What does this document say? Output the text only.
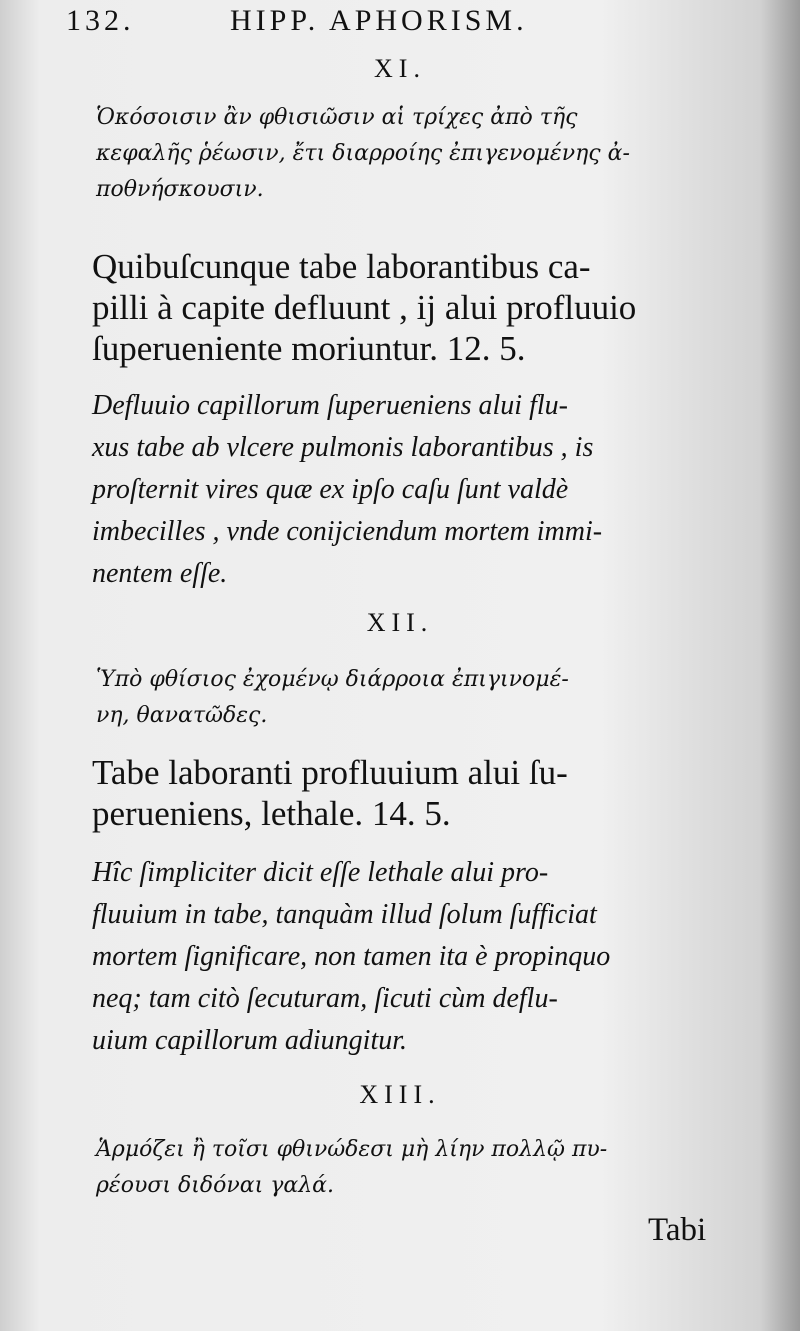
132.	HIPP. APHORISM.
XI.
Ὁκόσοισιν ἂν φθισιῶσιν αἱ τρίχες ἀπὸ τῆς
κεφαλῆς ῥέωσιν, ἔτι διαρροίης ἐπιγενομένης ἀ-
ποθνήσκουσιν.
Quibuſcunque tabe laborantibus ca-
pilli à capite defluunt , ij alui profluuio
ſuperueniente moriuntur. 12. 5.
Defluuio capillorum ſuperueniens alui flu-
xus tabe ab vlcere pulmonis laborantibus , is
proſternit vires quæ ex ipſo caſu ſunt valdè
imbecilles , vnde conijciendum mortem immi-
nentem eſſe.
XII.
Ὑπὸ φθίσιος ἐχομένῳ διάρροια ἐπιγινομέ-
νη, θανατῶδες.
Tabe laboranti profluuium alui ſu-
perueniens, lethale. 14. 5.
Hîc ſimpliciter dicit eſſe lethale alui pro-
fluuium in tabe, tanquàm illud ſolum ſufficiat
mortem ſignificare, non tamen ita è propinquo
neq; tam citò ſecuturam, ſicuti cùm deflu-
uium capillorum adiungitur.
XIII.
Ἁρμόζει ἢ τοῖσι φθινώδεσι μὴ λίην πολλῷ πυ-
ρέουσι διδόναι γαλά.
Tabi
